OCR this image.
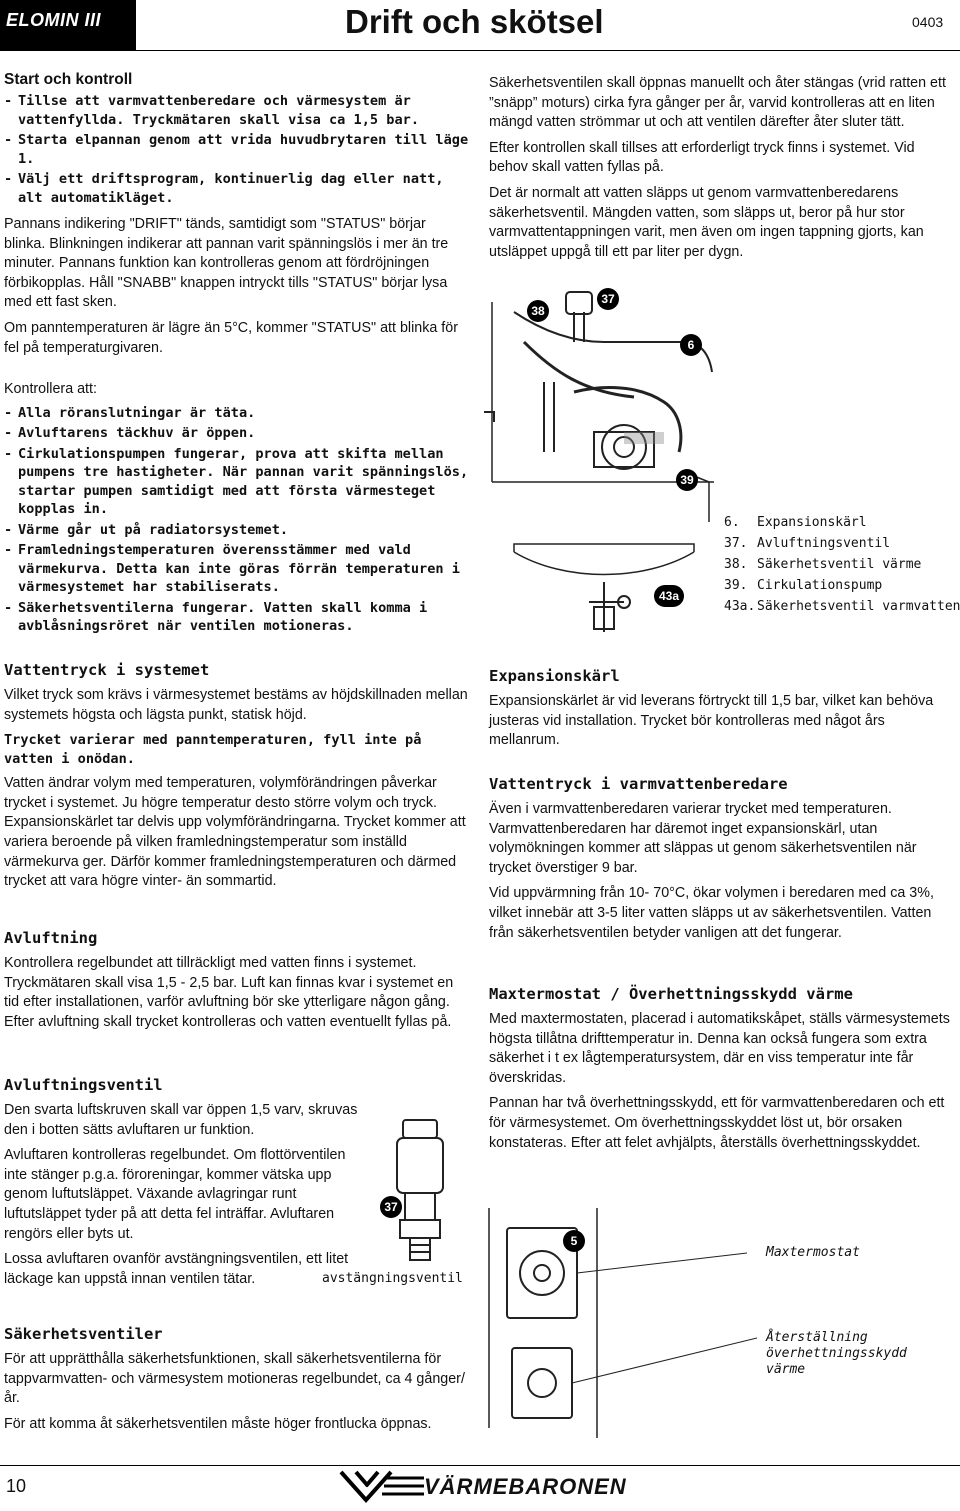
ELOMIN III	Drift och skötsel	0403
Start och kontroll
- Tillse att varmvattenberedare och värmesystem är vattenfyllda. Tryckmätaren skall visa ca 1,5 bar.
- Starta elpannan genom att vrida huvudbrytaren till läge 1.
- Välj ett driftsprogram, kontinuerlig dag eller natt, alt automatikläget.

Pannans indikering "DRIFT" tänds, samtidigt som "STATUS" börjar blinka. Blinkningen indikerar att pannan varit spänningslös i mer än tre minuter. Pannans funktion kan kontrolleras genom att fördröjningen förbikopplas. Håll "SNABB" knappen intryckt tills "STATUS" börjar lysa med ett fast sken.

Om panntemperaturen är lägre än 5°C, kommer "STATUS" att blinka för fel på temperaturgivaren.

Kontrollera att:

- Alla röranslutningar är täta.
- Avluftarens täckhuv är öppen.
- Cirkulationspumpen fungerar, prova att skifta mellan pumpens tre hastigheter. När pannan varit spänningslös, startar pumpen samtidigt med att första värmesteget kopplas in.
- Värme går ut på radiatorsystemet.
- Framledningstemperaturen överensstämmer med vald värmekurva. Detta kan inte göras förrän temperaturen i värmesystemet har stabiliserats.
- Säkerhetsventilerna fungerar. Vatten skall komma i avblåsningsröret när ventilen motioneras.

Säkerhetsventilen skall öppnas manuellt och åter stängas (vrid ratten ett ”snäpp” moturs) cirka fyra gånger per år, varvid kontrolleras att en liten mängd vatten strömmar ut och att ventilen därefter åter sluter tätt.

Efter kontrollen skall tillses att erforderligt tryck finns i systemet. Vid behov skall vatten fyllas på.

Det är normalt att vatten släpps ut genom varmvattenberedarens säkerhetsventil. Mängden vatten, som släpps ut, beror på hur stor varmvattentappningen varit, men även om ingen tappning gjorts, kan utsläppet uppgå till ett par liter per dygn.

38
37
6
39
43a
6. Expansionskärl
37. Avluftningsventil
38. Säkerhetsventil värme
39. Cirkulationspump
43a. Säkerhetsventil varmvatten
Vattentryck i systemet

Vilket tryck som krävs i värmesystemet bestäms av höjdskillnaden mellan systemets högsta och lägsta punkt, statisk höjd.

Trycket varierar med panntemperaturen, fyll inte på vatten i onödan.

Vatten ändrar volym med temperaturen, volymförändringen påverkar trycket i systemet. Ju högre temperatur desto större volym och tryck. Expansionskärlet tar delvis upp volymförändringarna. Trycket kommer att variera beroende på vilken framledningstemperatur som inställd värmekurva ger. Därför kommer framledningstemperaturen och därmed trycket att vara högre vinter- än sommartid.

Avluftning

Kontrollera regelbundet att tillräckligt med vatten finns i systemet. Tryckmätaren skall visa 1,5 - 2,5 bar. Luft kan finnas kvar i systemet en tid efter installationen, varför avluftning bör ske ytterligare någon gång. Efter avluftning skall trycket kontrolleras och vatten eventuellt fyllas på.

Avluftningsventil

Den svarta luftskruven skall var öppen 1,5 varv, skruvas den i botten sätts avluftaren ur funktion.

Avluftaren kontrolleras regelbundet. Om flottörventilen inte stänger p.g.a. föroreningar, kommer vätska upp genom luftutsläppet. Växande avlagringar runt luftutsläppet tyder på att detta fel inträffar. Avluftaren rengörs eller byts ut.

Lossa avluftaren ovanför avstängningsventilen, ett litet läckage kan uppstå innan ventilen tätar.

37
avstängningsventil
Säkerhetsventiler

För att upprätthålla säkerhetsfunktionen, skall säkerhetsventilerna för tappvarmvatten- och värmesystem motioneras regelbundet, ca 4 gånger/år.

För att komma åt säkerhetsventilen måste höger frontlucka öppnas.

Expansionskärl

Expansionskärlet är vid leverans förtryckt till 1,5 bar, vilket kan behöva justeras vid installation. Trycket bör kontrolleras med något års mellanrum.

Vattentryck i varmvattenberedare

Även i varmvattenberedaren varierar trycket med temperaturen. Varmvattenberedaren har däremot inget expansionskärl, utan volymökningen kommer att släppas ut genom säkerhetsventilen när trycket överstiger 9 bar.

Vid uppvärmning från 10- 70°C, ökar volymen i beredaren med ca 3%, vilket innebär att 3-5 liter vatten släpps ut av säkerhetsventilen. Vatten från säkerhetsventilen betyder vanligen att det fungerar.

Maxtermostat / Överhettningsskydd värme

Med maxtermostaten, placerad i automatikskåpet, ställs värmesystemets högsta tillåtna drifttemperatur in. Denna kan också fungera som extra säkerhet i t ex lågtemperatursystem, där en viss temperatur inte får överskridas.

Pannan har två överhettningsskydd, ett för varmvattenberedaren och ett för värmesystemet. Om överhettningsskyddet löst ut, bör orsaken konstateras. Efter att felet avhjälpts, återställs överhettningsskyddet.

5
Maxtermostat
Återställning överhettningsskydd värme
10	VÄRMEBARONEN
